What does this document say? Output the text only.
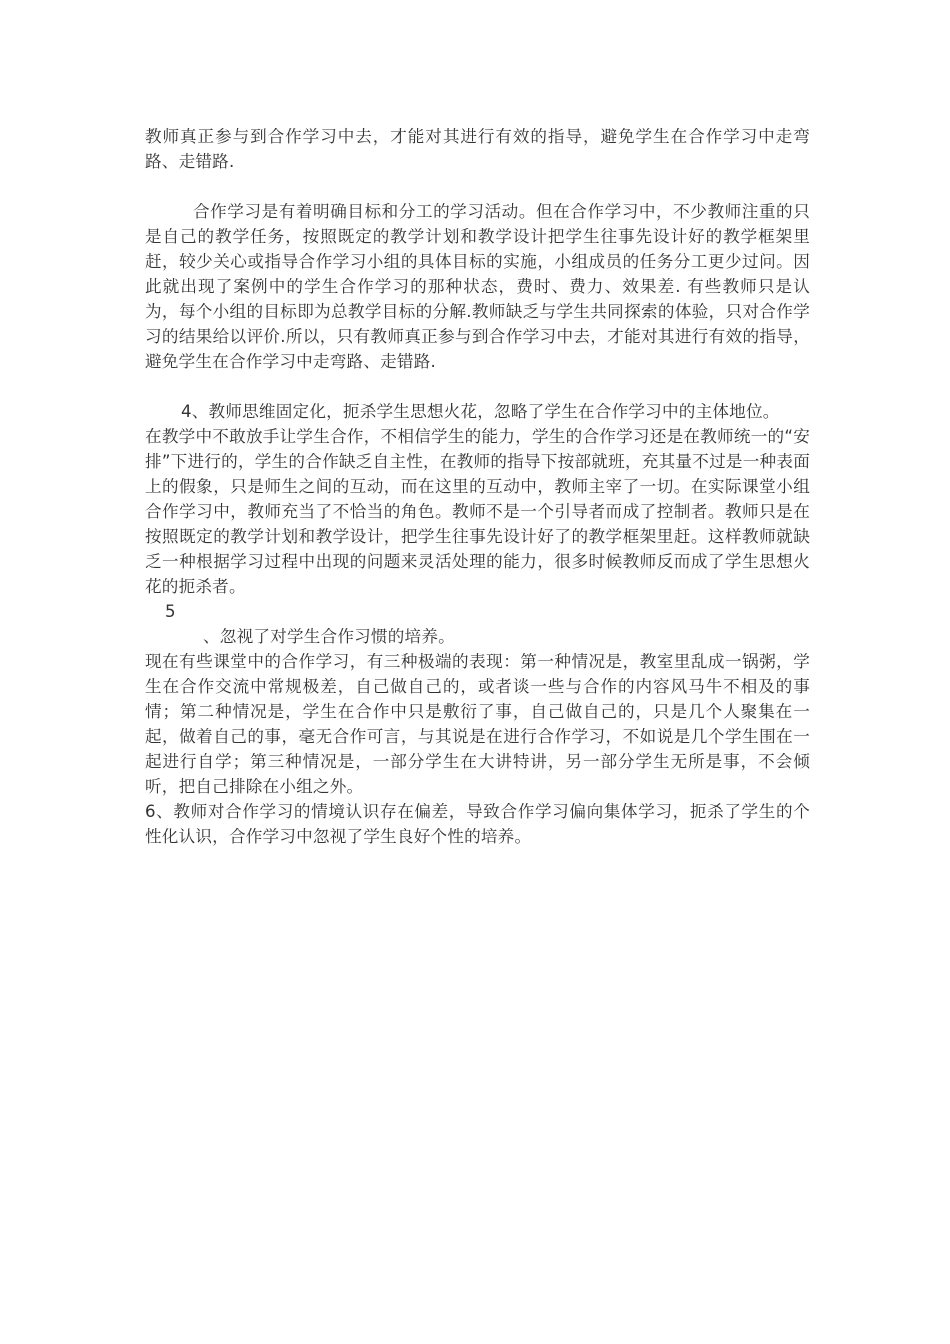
教师真正参与到合作学习中去，才能对其进行有效的指导，避免学生在合作学习中走弯路、走错路.

合作学习是有着明确目标和分工的学习活动。但在合作学习中，不少教师注重的只是自己的教学任务，按照既定的教学计划和教学设计把学生往事先设计好的教学框架里赶，较少关心或指导合作学习小组的具体目标的实施，小组成员的任务分工更少过问。因此就出现了案例中的学生合作学习的那种状态，费时、费力、效果差. 有些教师只是认为，每个小组的目标即为总教学目标的分解.教师缺乏与学生共同探索的体验，只对合作学习的结果给以评价.所以，只有教师真正参与到合作学习中去，才能对其进行有效的指导，避免学生在合作学习中走弯路、走错路.

4、教师思维固定化，扼杀学生思想火花，忽略了学生在合作学习中的主体地位。

在教学中不敢放手让学生合作，不相信学生的能力，学生的合作学习还是在教师统一的“安排”下进行的，学生的合作缺乏自主性，在教师的指导下按部就班，充其量不过是一种表面上的假象，只是师生之间的互动，而在这里的互动中，教师主宰了一切。在实际课堂小组合作学习中，教师充当了不恰当的角色。教师不是一个引导者而成了控制者。教师只是在按照既定的教学计划和教学设计，把学生往事先设计好了的教学框架里赶。这样教师就缺乏一种根据学习过程中出现的问题来灵活处理的能力，很多时候教师反而成了学生思想火花的扼杀者。

5

、忽视了对学生合作习惯的培养。

现在有些课堂中的合作学习，有三种极端的表现：第一种情况是，教室里乱成一锅粥，学生在合作交流中常规极差，自己做自己的，或者谈一些与合作的内容风马牛不相及的事情；第二种情况是，学生在合作中只是敷衍了事，自己做自己的，只是几个人聚集在一起，做着自己的事，毫无合作可言，与其说是在进行合作学习，不如说是几个学生围在一起进行自学；第三种情况是，一部分学生在大讲特讲，另一部分学生无所是事，不会倾听，把自己排除在小组之外。

6、教师对合作学习的情境认识存在偏差，导致合作学习偏向集体学习，扼杀了学生的个性化认识，合作学习中忽视了学生良好个性的培养。
